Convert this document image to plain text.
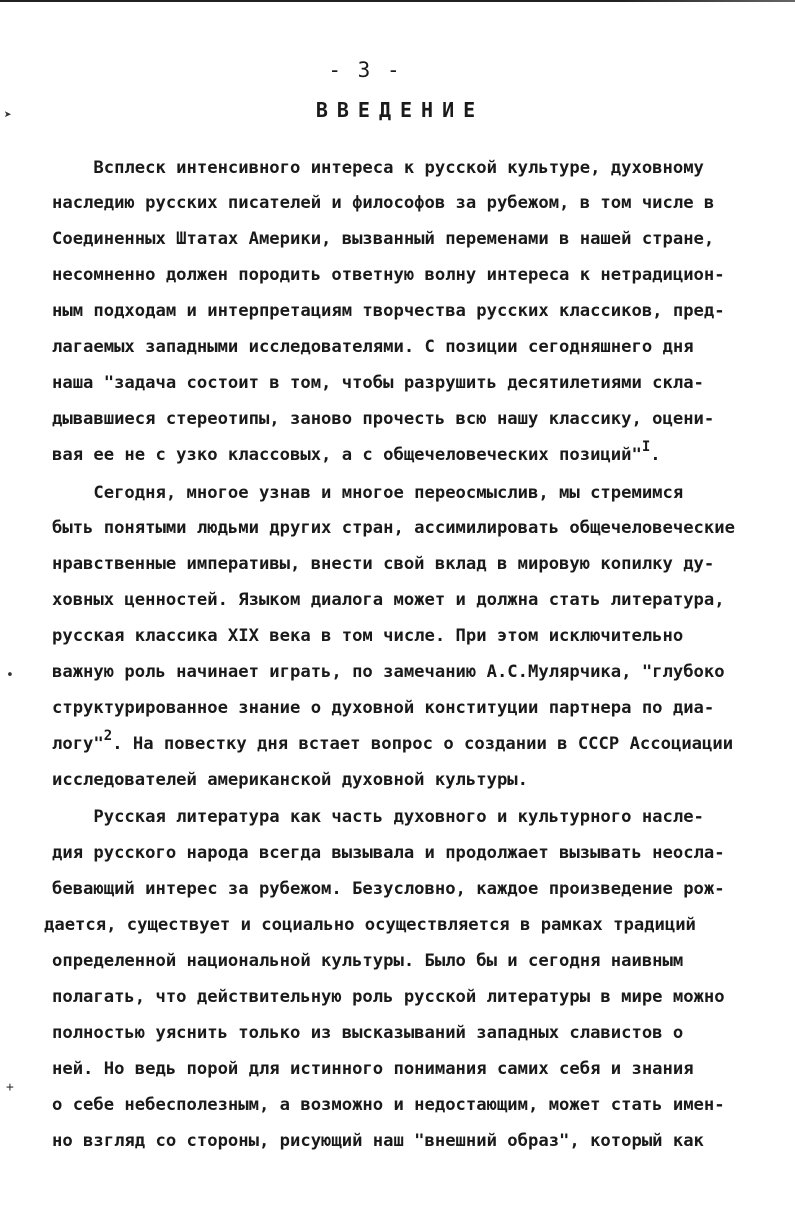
- 3 -
ВВЕДЕНИЕ
➤
•
+
Всплеск интенсивного интереса к русской культуре, духовному
наследию русских писателей и философов за рубежом, в том числе в
Соединенных Штатах Америки, вызванный переменами в нашей стране,
несомненно должен породить ответную волну интереса к нетрадицион-
ным подходам и интерпретациям творчества русских классиков, пред-
лагаемых западными исследователями. С позиции сегодняшнего дня
наша "задача состоит в том, чтобы разрушить десятилетиями скла-
дывавшиеся стереотипы, заново прочесть всю нашу классику, оцени-
вая ее не с узко классовых, а с общечеловеческих позиций"$^I$.
Сегодня, многое узнав и многое переосмыслив, мы стремимся
быть понятыми людьми других стран, ассимилировать общечеловеческие
нравственные императивы, внести свой вклад в мировую копилку ду-
ховных ценностей. Языком диалога может и должна стать литература,
русская классика XIX века в том числе. При этом исключительно
важную роль начинает играть, по замечанию А.С.Мулярчика, "глубоко
структурированное знание о духовной конституции партнера по диа-
логу"$^2$. На повестку дня встает вопрос о создании в СССР Ассоциации
исследователей американской духовной культуры.
Русская литература как часть духовного и культурного насле-
дия русского народа всегда вызывала и продолжает вызывать неосла-
бевающий интерес за рубежом. Безусловно, каждое произведение рож-
дается, существует и социально осуществляется в рамках традиций
определенной национальной культуры. Было бы и сегодня наивным
полагать, что действительную роль русской литературы в мире можно
полностью уяснить только из высказываний западных славистов о
ней. Но ведь порой для истинного понимания самих себя и знания
о себе небесполезным, а возможно и недостающим, может стать имен-
но взгляд со стороны, рисующий наш "внешний образ", который как
